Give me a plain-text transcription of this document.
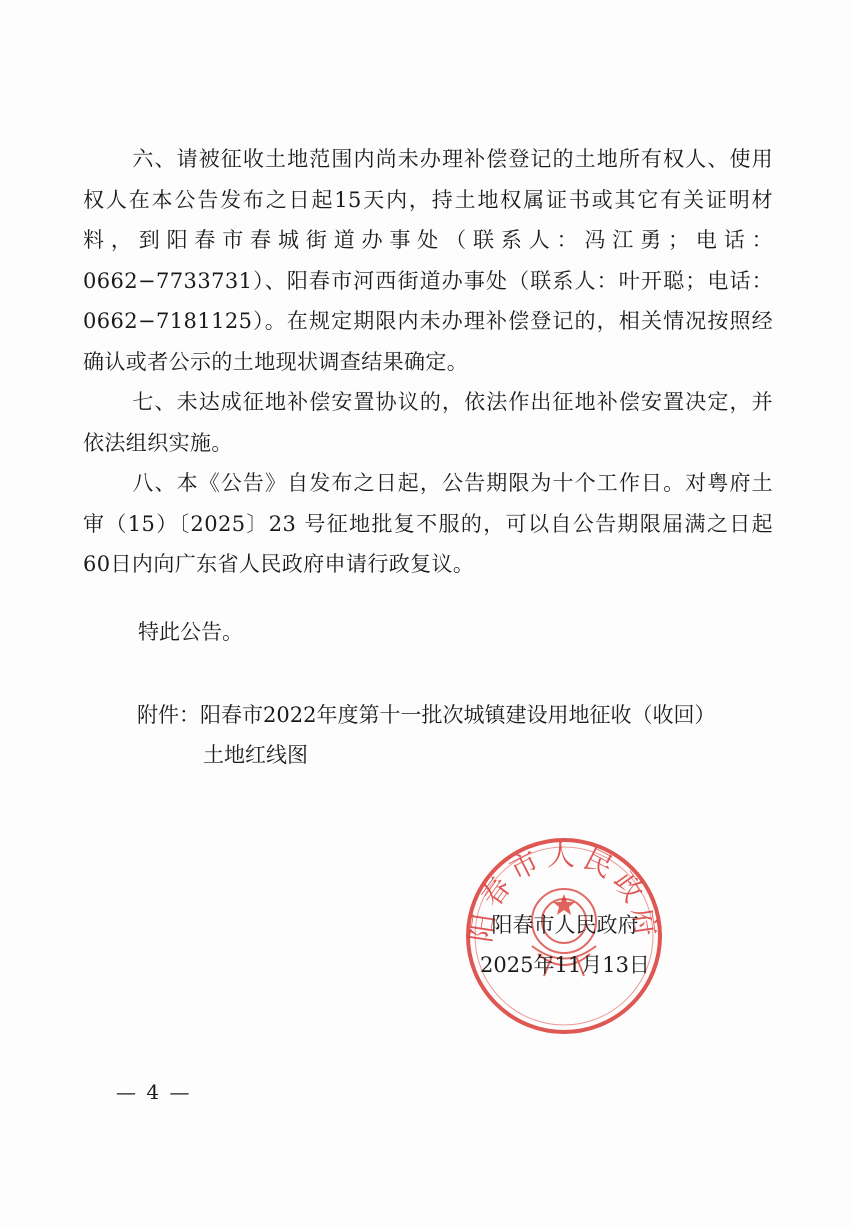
六、请被征收土地范围内尚未办理补偿登记的土地所有权人、使用权人在本公告发布之日起15天内，持土地权属证书或其它有关证明材料，到阳春市春城街道办事处（联系人：冯江勇；电话：0662−7733731）、阳春市河西街道办事处（联系人：叶开聪；电话：0662−7181125）。在规定期限内未办理补偿登记的，相关情况按照经确认或者公示的土地现状调查结果确定。

七、未达成征地补偿安置协议的，依法作出征地补偿安置决定，并依法组织实施。

八、本《公告》自发布之日起，公告期限为十个工作日。对粤府土审（15）〔2025〕23 号征地批复不服的，可以自公告期限届满之日起60日内向广东省人民政府申请行政复议。

特此公告。
附件：阳春市2022年度第十一批次城镇建设用地征收（收回）
土地红线图
阳春市人民政府
阳春市人民政府
2025年11月13日
— 4 —
